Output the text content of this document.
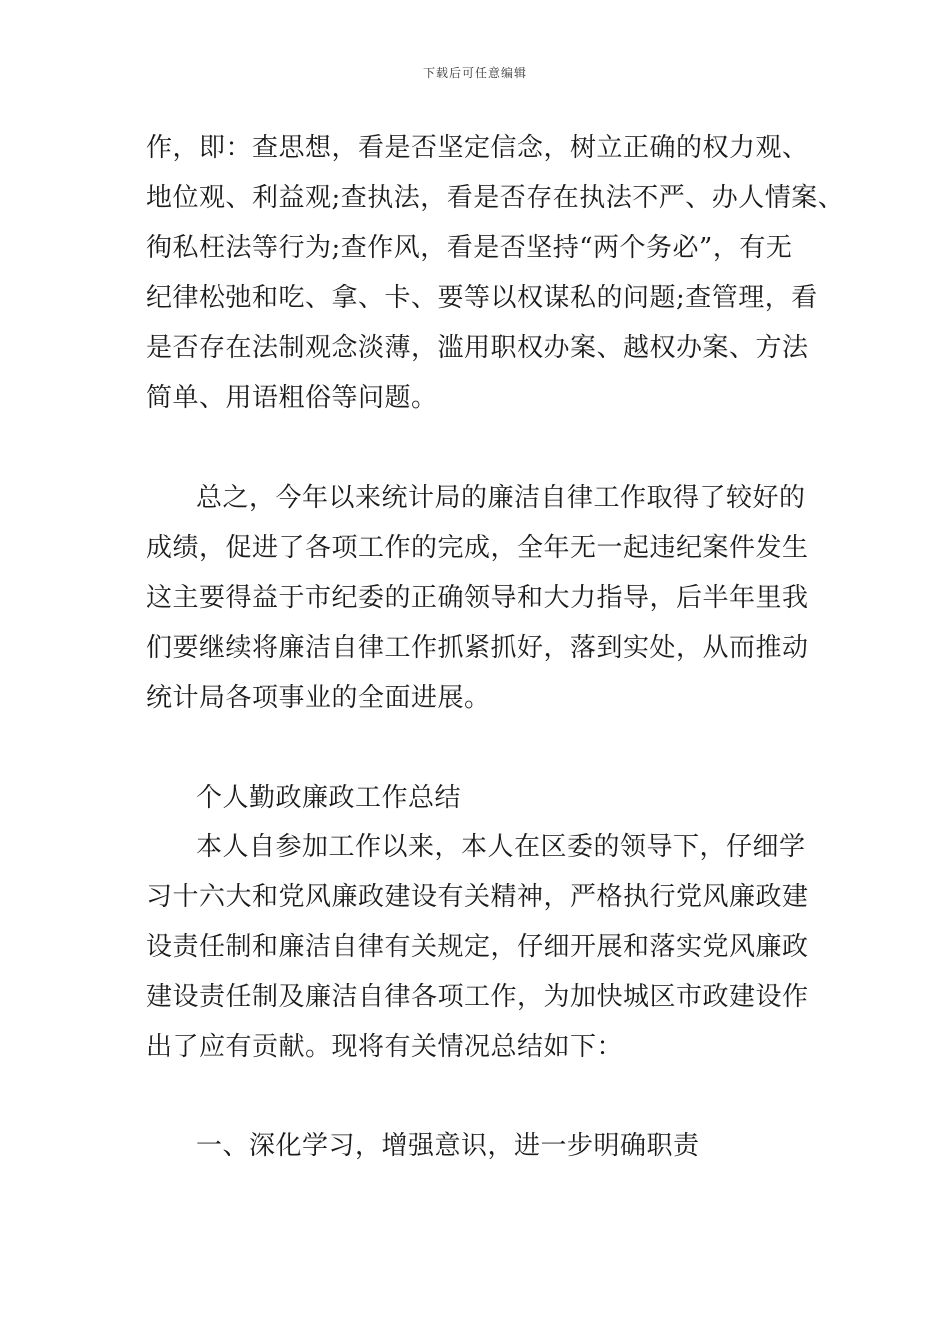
下载后可任意编辑
作，即：查思想，看是否坚定信念，树立正确的权力观、
地位观、利益观;查执法，看是否存在执法不严、办人情案、
徇私枉法等行为;查作风，看是否坚持“两个务必”，有无
纪律松弛和吃、拿、卡、要等以权谋私的问题;查管理，看
是否存在法制观念淡薄，滥用职权办案、越权办案、方法
简单、用语粗俗等问题。
总之，今年以来统计局的廉洁自律工作取得了较好的
成绩，促进了各项工作的完成，全年无一起违纪案件发生
这主要得益于市纪委的正确领导和大力指导，后半年里我
们要继续将廉洁自律工作抓紧抓好，落到实处，从而推动
统计局各项事业的全面进展。
个人勤政廉政工作总结
本人自参加工作以来，本人在区委的领导下，仔细学
习十六大和党风廉政建设有关精神，严格执行党风廉政建
设责任制和廉洁自律有关规定，仔细开展和落实党风廉政
建设责任制及廉洁自律各项工作，为加快城区市政建设作
出了应有贡献。现将有关情况总结如下：
一、深化学习，增强意识，进一步明确职责
